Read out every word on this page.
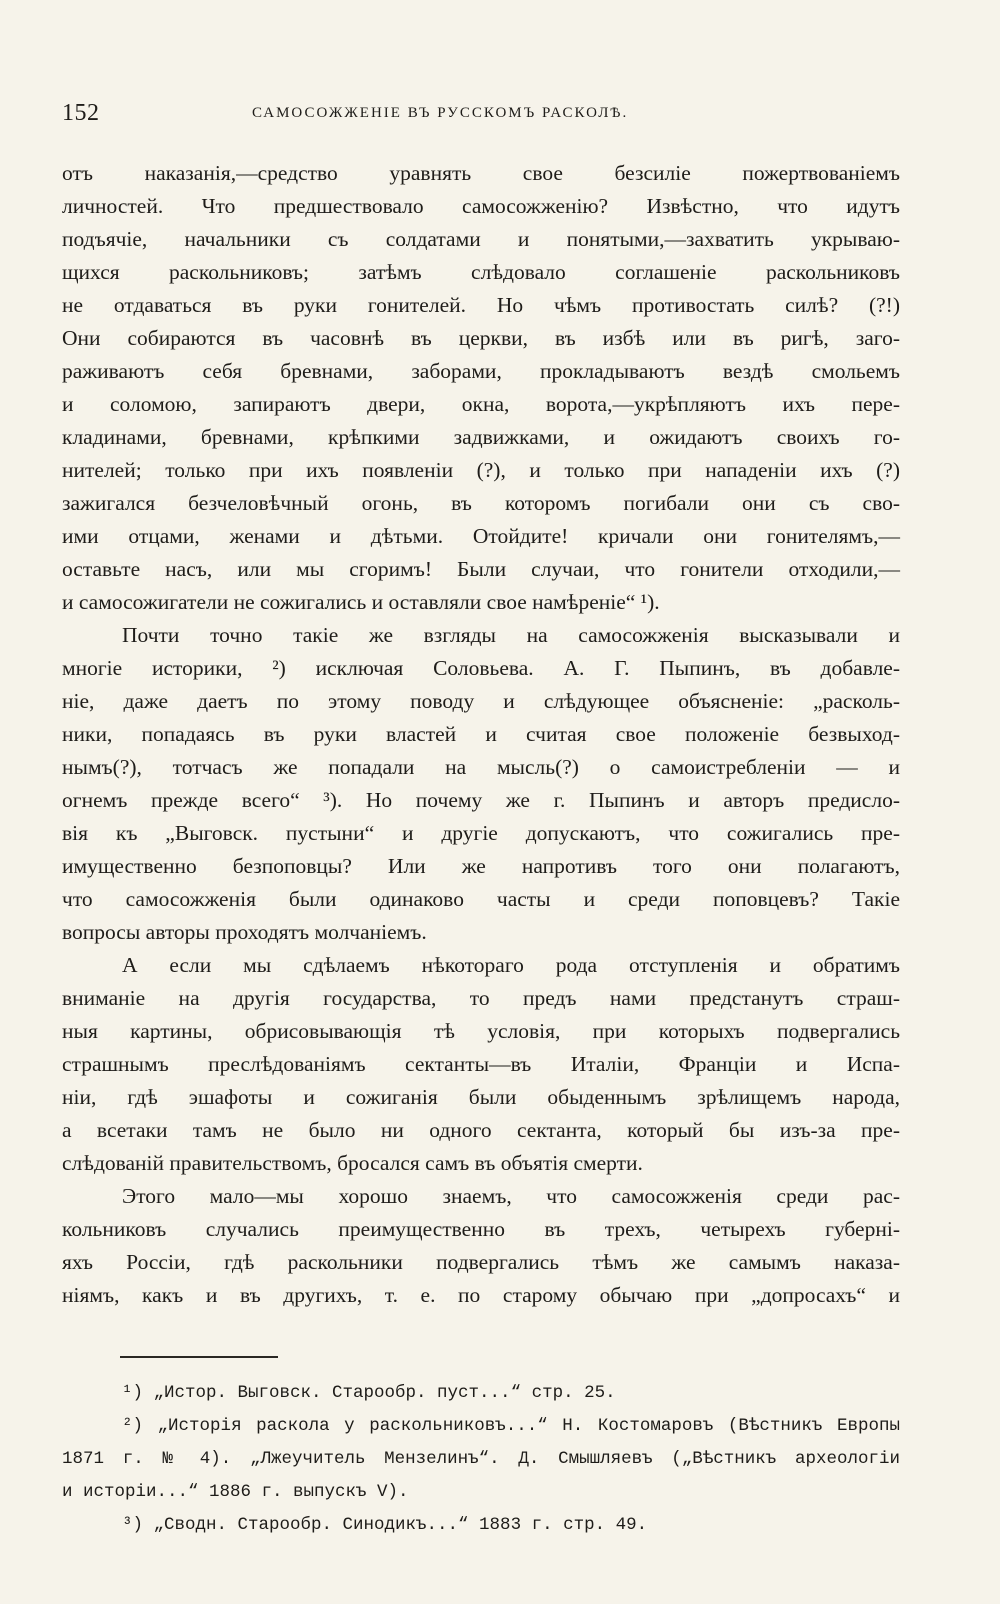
152	САМОСОЖЖЕНІЕ ВЪ РУССКОМЪ РАСКОЛѢ.
отъ наказанія,—средство уравнять свое безсиліе пожертвованіемъ
личностей. Что предшествовало самосожженію? Извѣстно, что идутъ
подъячіе, начальники съ солдатами и понятыми,—захватить укрываю-
щихся раскольниковъ; затѣмъ слѣдовало соглашеніе раскольниковъ
не отдаваться въ руки гонителей. Но чѣмъ противостать силѣ? (?!)
Они собираются въ часовнѣ въ церкви, въ избѣ или въ ригѣ, заго-
раживаютъ себя бревнами, заборами, прокладываютъ вездѣ смольемъ
и соломою, запираютъ двери, окна, ворота,—укрѣпляютъ ихъ пере-
кладинами, бревнами, крѣпкими задвижками, и ожидаютъ своихъ го-
нителей; только при ихъ появленіи (?), и только при нападеніи ихъ (?)
зажигался безчеловѣчный огонь, въ которомъ погибали они съ сво-
ими отцами, женами и дѣтьми. Отойдите! кричали они гонителямъ,—
оставьте насъ, или мы сгоримъ! Были случаи, что гонители отходили,—
и самосожигатели не сожигались и оставляли свое намѣреніе“ ¹).
Почти точно такіе же взгляды на самосожженія высказывали и
многіе историки, ²) исключая Соловьева. А. Г. Пыпинъ, въ добавле-
ніе, даже даетъ по этому поводу и слѣдующее объясненіе: „расколь-
ники, попадаясь въ руки властей и считая свое положеніе безвыход-
нымъ(?), тотчасъ же попадали на мысль(?) о самоистребленіи — и
огнемъ прежде всего“ ³). Но почему же г. Пыпинъ и авторъ предисло-
вія къ „Выговск. пустыни“ и другіе допускаютъ, что сожигались пре-
имущественно безпоповцы? Или же напротивъ того они полагаютъ,
что самосожженія были одинаково часты и среди поповцевъ? Такіе
вопросы авторы проходятъ молчаніемъ.
А если мы сдѣлаемъ нѣкотораго рода отступленія и обратимъ
вниманіе на другія государства, то предъ нами предстанутъ страш-
ныя картины, обрисовывающія тѣ условія, при которыхъ подвергались
страшнымъ преслѣдованіямъ сектанты—въ Италіи, Франціи и Испа-
ніи, гдѣ эшафоты и сожиганія были обыденнымъ зрѣлищемъ народа,
а всетаки тамъ не было ни одного сектанта, который бы изъ-за пре-
слѣдованій правительствомъ, бросался самъ въ объятія смерти.
Этого мало—мы хорошо знаемъ, что самосожженія среди рас-
кольниковъ случались преимущественно въ трехъ, четырехъ губерні-
яхъ Россіи, гдѣ раскольники подвергались тѣмъ же самымъ наказа-
ніямъ, какъ и въ другихъ, т. е. по старому обычаю при „допросахъ“ и
¹) „Истор. Выговск. Старообр. пуст...“ стр. 25.
²) „Исторія раскола у раскольниковъ...“ Н. Костомаровъ (Вѣстникъ Европы
1871 г. № 4). „Лжеучитель Мензелинъ“. Д. Смышляевъ („Вѣстникъ археологіи
и исторіи...“ 1886 г. выпускъ V).
³) „Сводн. Старообр. Синодикъ...“ 1883 г. стр. 49.
